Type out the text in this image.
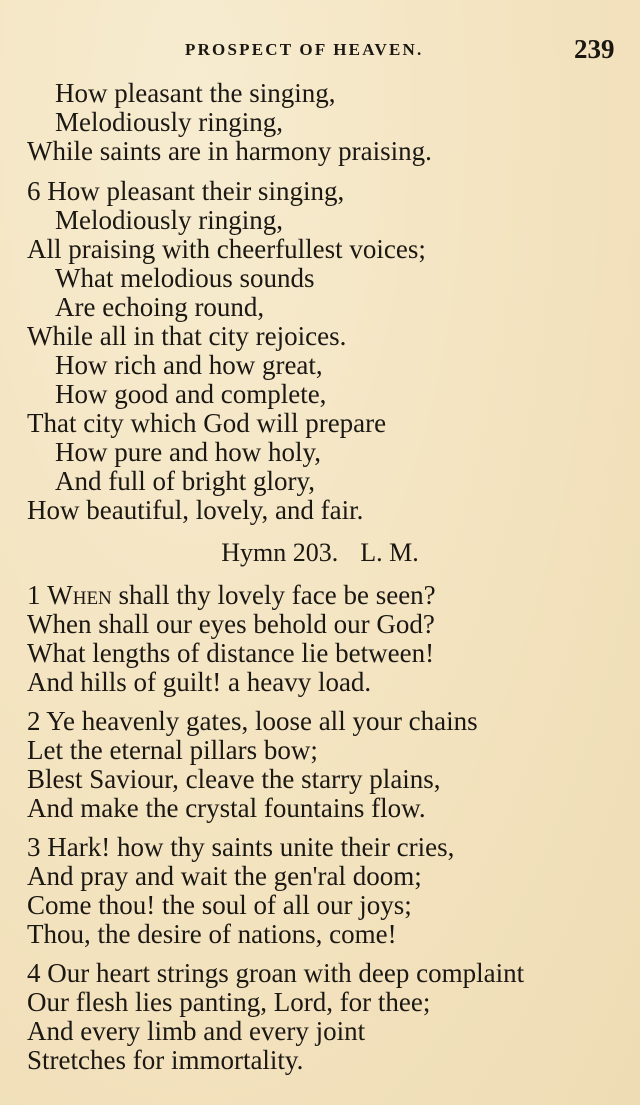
PROSPECT OF HEAVEN.	239
How pleasant the singing,
Melodiously ringing,
While saints are in harmony praising.
6 How pleasant their singing,
Melodiously ringing,
All praising with cheerfullest voices;
What melodious sounds
Are echoing round,
While all in that city rejoices.
How rich and how great,
How good and complete,
That city which God will prepare
How pure and how holy,
And full of bright glory,
How beautiful, lovely, and fair.
Hymn 203. L. M.
1 When shall thy lovely face be seen?
When shall our eyes behold our God?
What lengths of distance lie between!
And hills of guilt! a heavy load.
2 Ye heavenly gates, loose all your chains
Let the eternal pillars bow;
Blest Saviour, cleave the starry plains,
And make the crystal fountains flow.
3 Hark! how thy saints unite their cries,
And pray and wait the gen'ral doom;
Come thou! the soul of all our joys;
Thou, the desire of nations, come!
4 Our heart strings groan with deep complaint
Our flesh lies panting, Lord, for thee;
And every limb and every joint
Stretches for immortality.
